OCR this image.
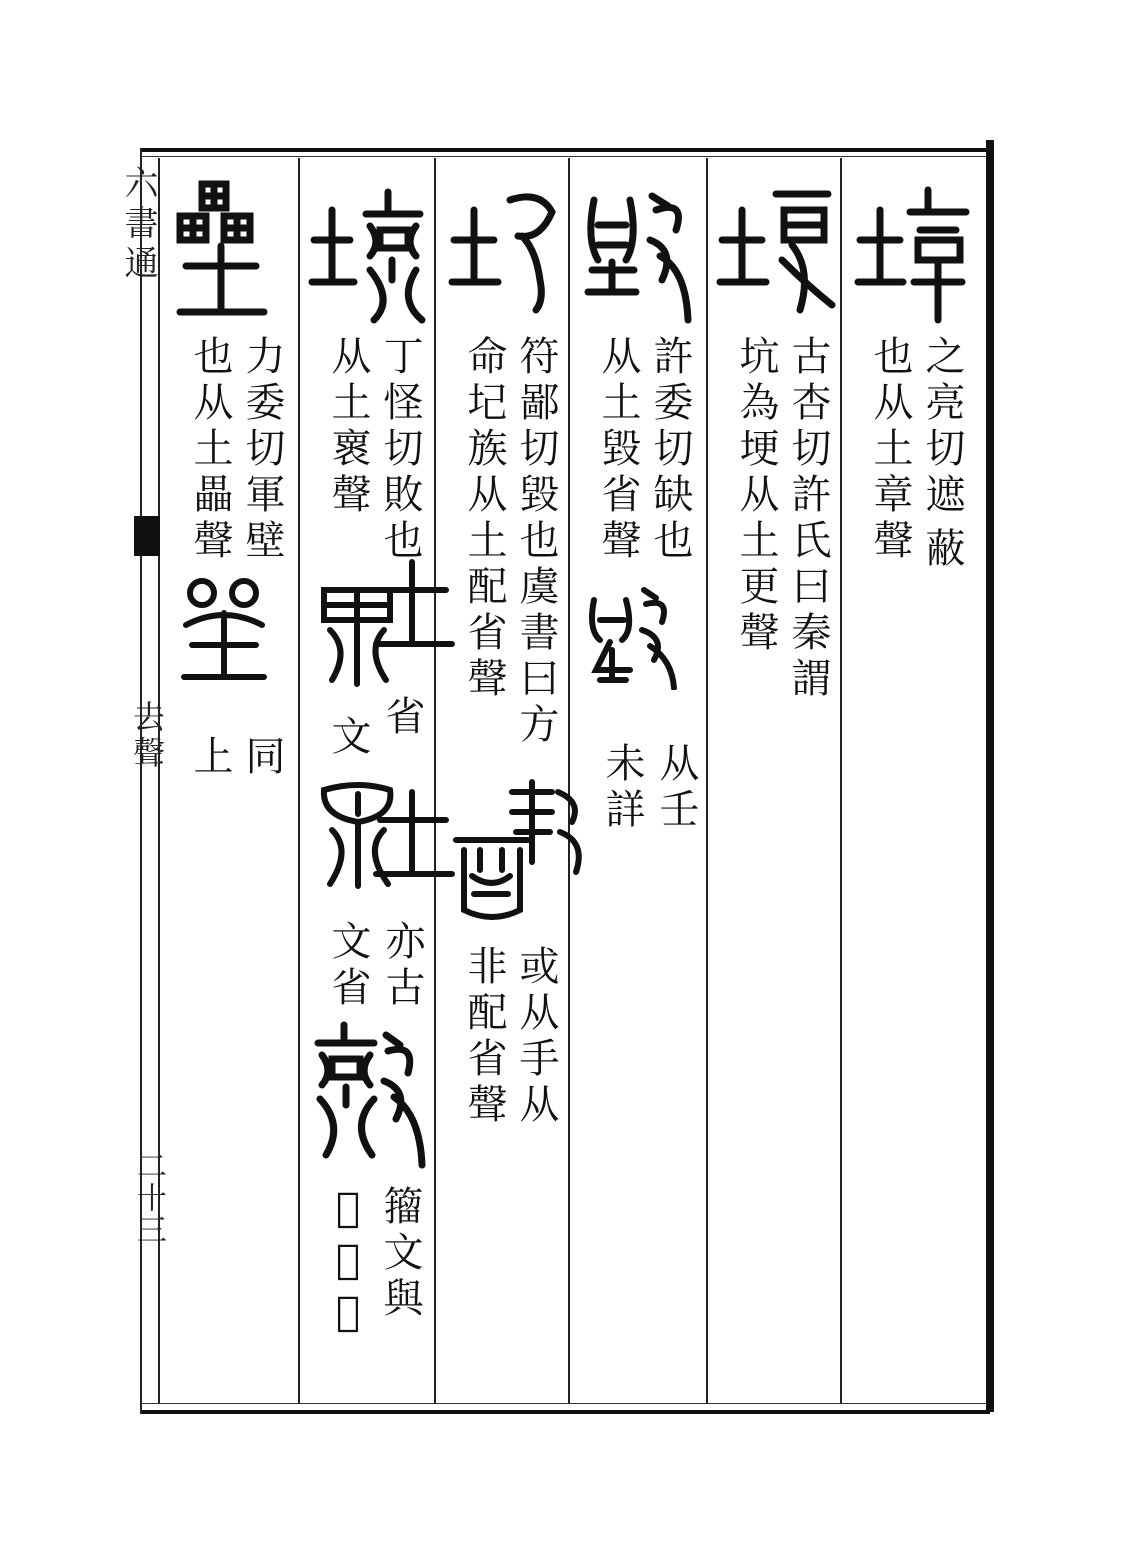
六書通
去聲
二十三
之亮切遮
蔽
也从土章聲
古杏切許氏曰秦謂
坑為埂从土更聲
許委切缺也
从土毀省聲
从壬
未詳
符鄙切毀也虞書曰方
命圮族从土配省聲
或从手从
非配省聲
丁怪切敗也
从土褱聲
省
文
亦古
文省
籀文與
𢾽同用
力委切軍壁
也从土畾聲
同
上
